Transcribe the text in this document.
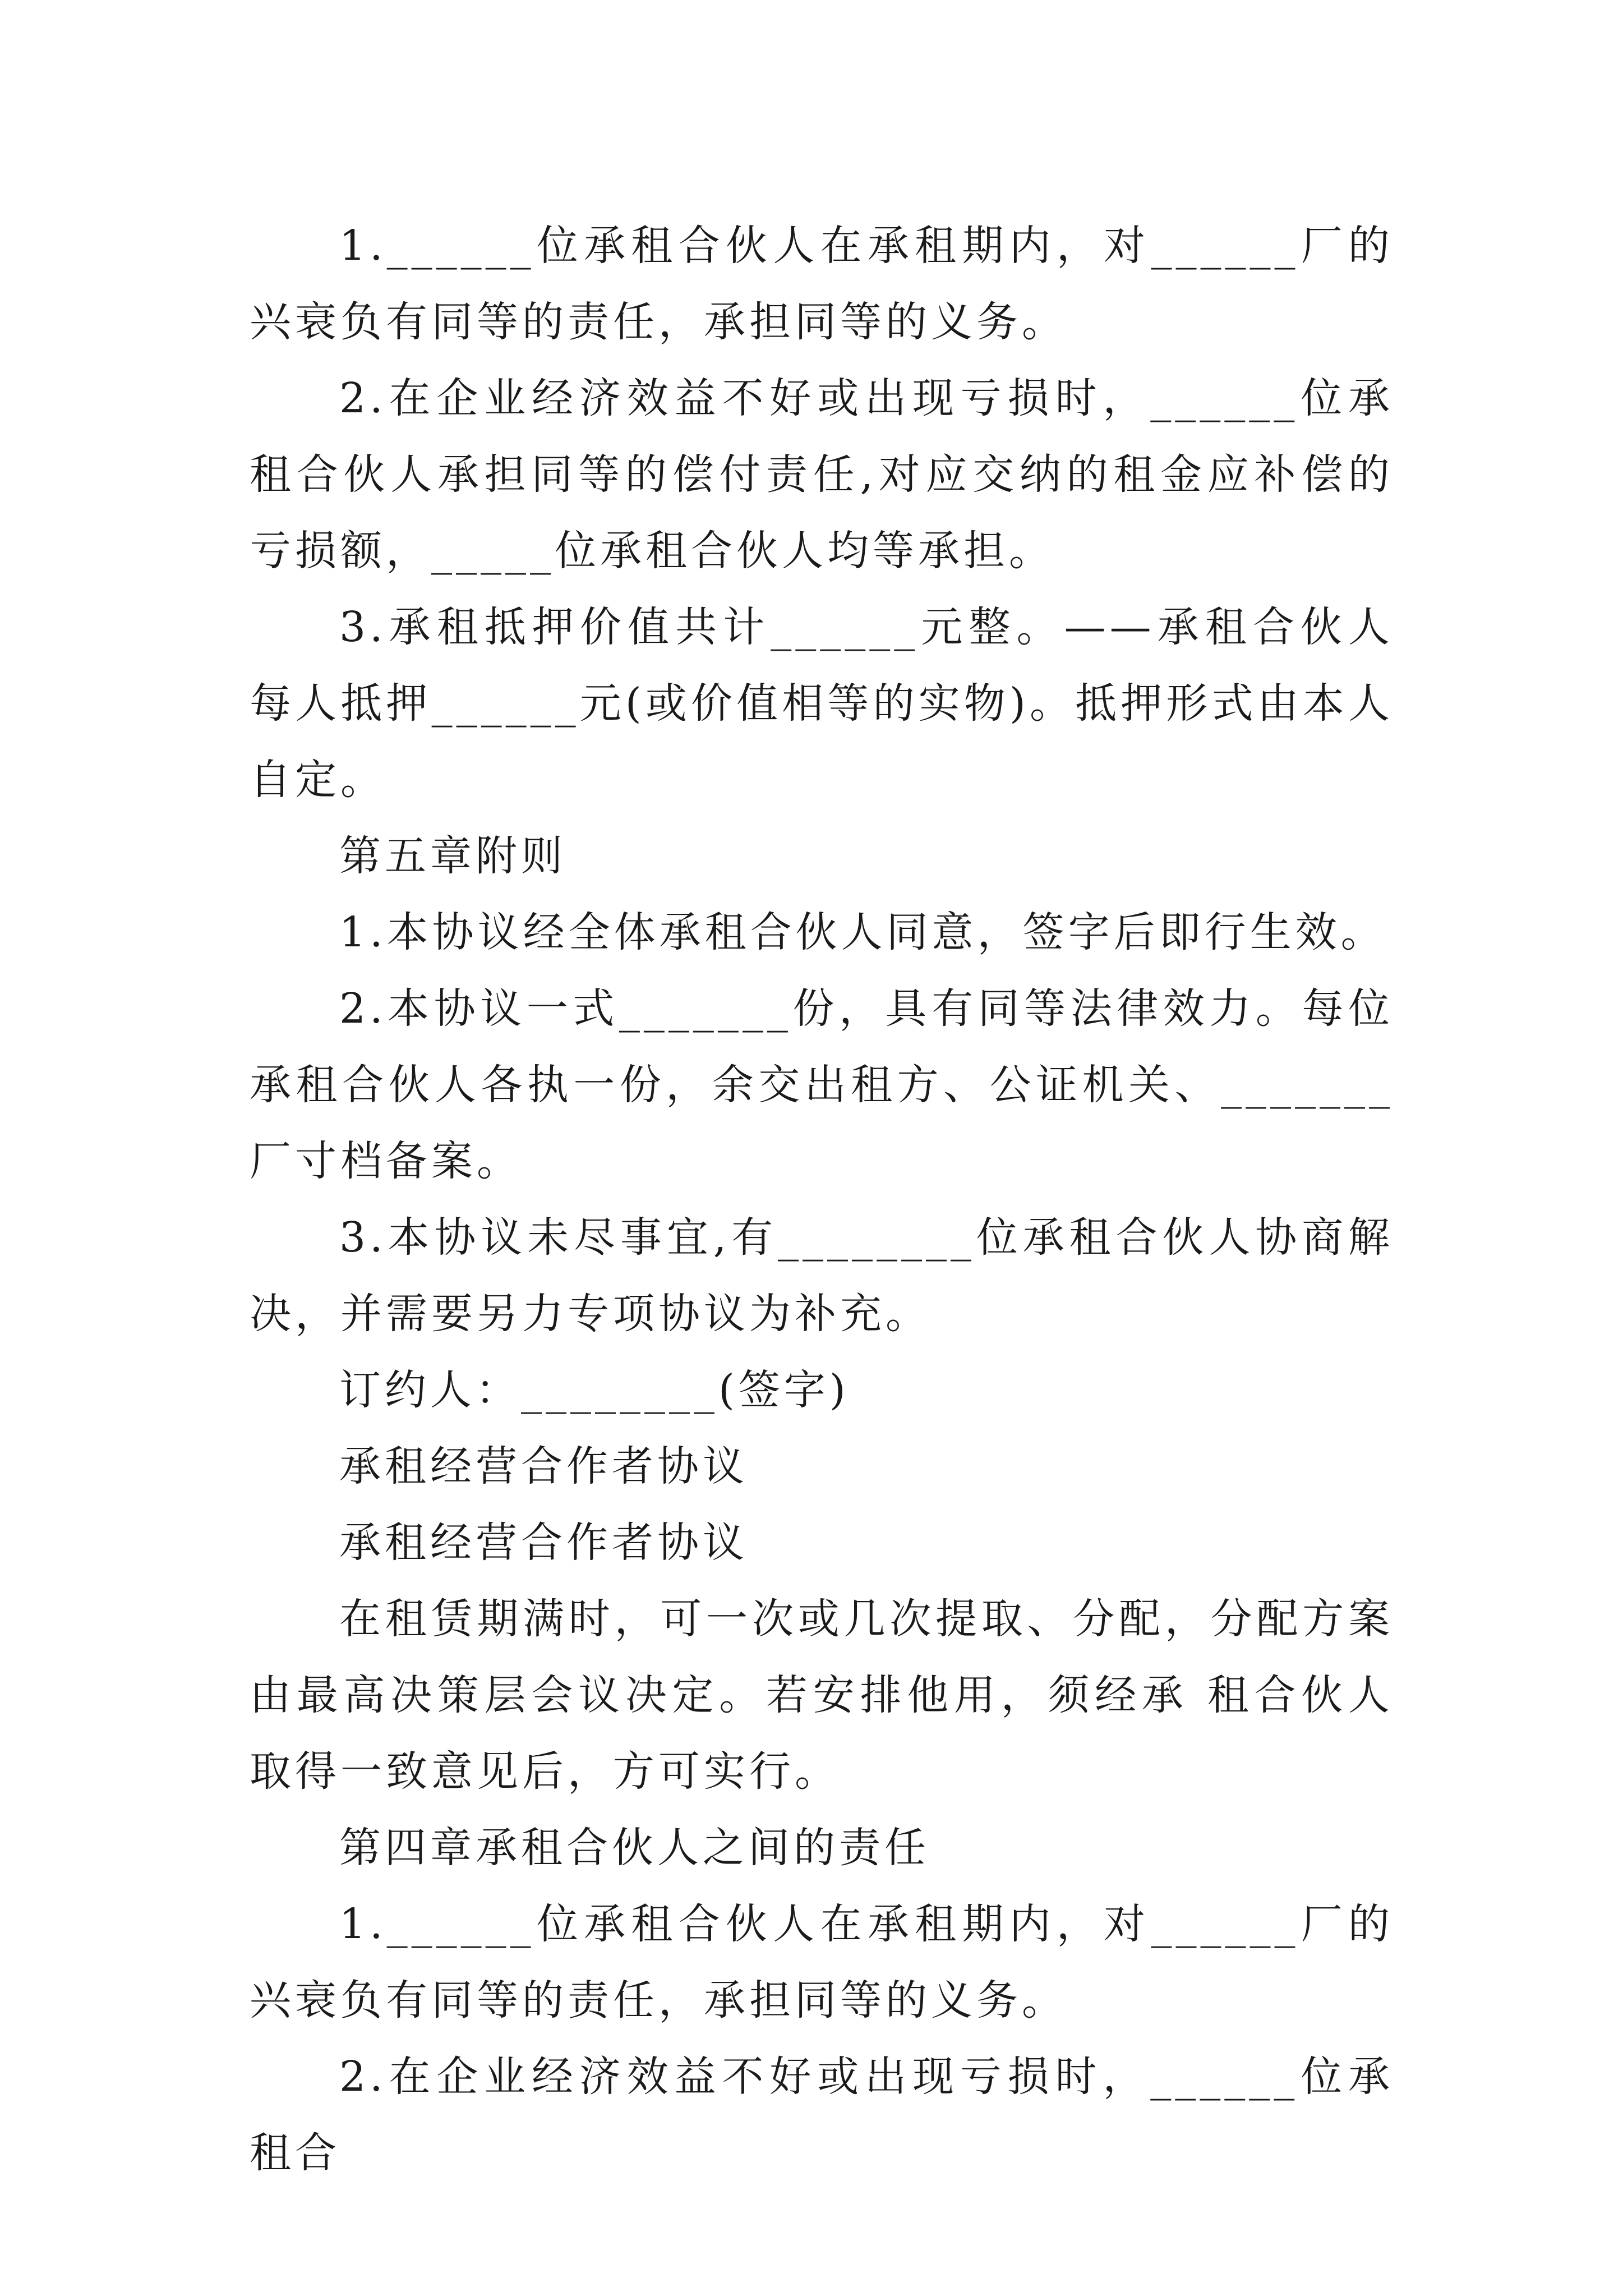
1.______位承租合伙人在承租期内，对______厂的兴衰负有同等的责任，承担同等的义务。

2.在企业经济效益不好或出现亏损时，______位承租合伙人承担同等的偿付责任,对应交纳的租金应补偿的亏损额，_____位承租合伙人均等承担。

3.承租抵押价值共计______元整。——承租合伙人每人抵押______元(或价值相等的实物)。抵押形式由本人自定。

第五章附则

1.本协议经全体承租合伙人同意，签字后即行生效。

2.本协议一式_______份，具有同等法律效力。每位承租合伙人各执一份，余交出租方、公证机关、_______厂寸档备案。

3.本协议未尽事宜,有________位承租合伙人协商解决，并需要另力专项协议为补充。

订约人：________(签字)

承租经营合作者协议

承租经营合作者协议

在租赁期满时，可一次或几次提取、分配，分配方案由最高决策层会议决定。若安排他用，须经承 租合伙人取得一致意见后，方可实行。

第四章承租合伙人之间的责任

1.______位承租合伙人在承租期内，对______厂的兴衰负有同等的责任，承担同等的义务。

2.在企业经济效益不好或出现亏损时，______位承租合
